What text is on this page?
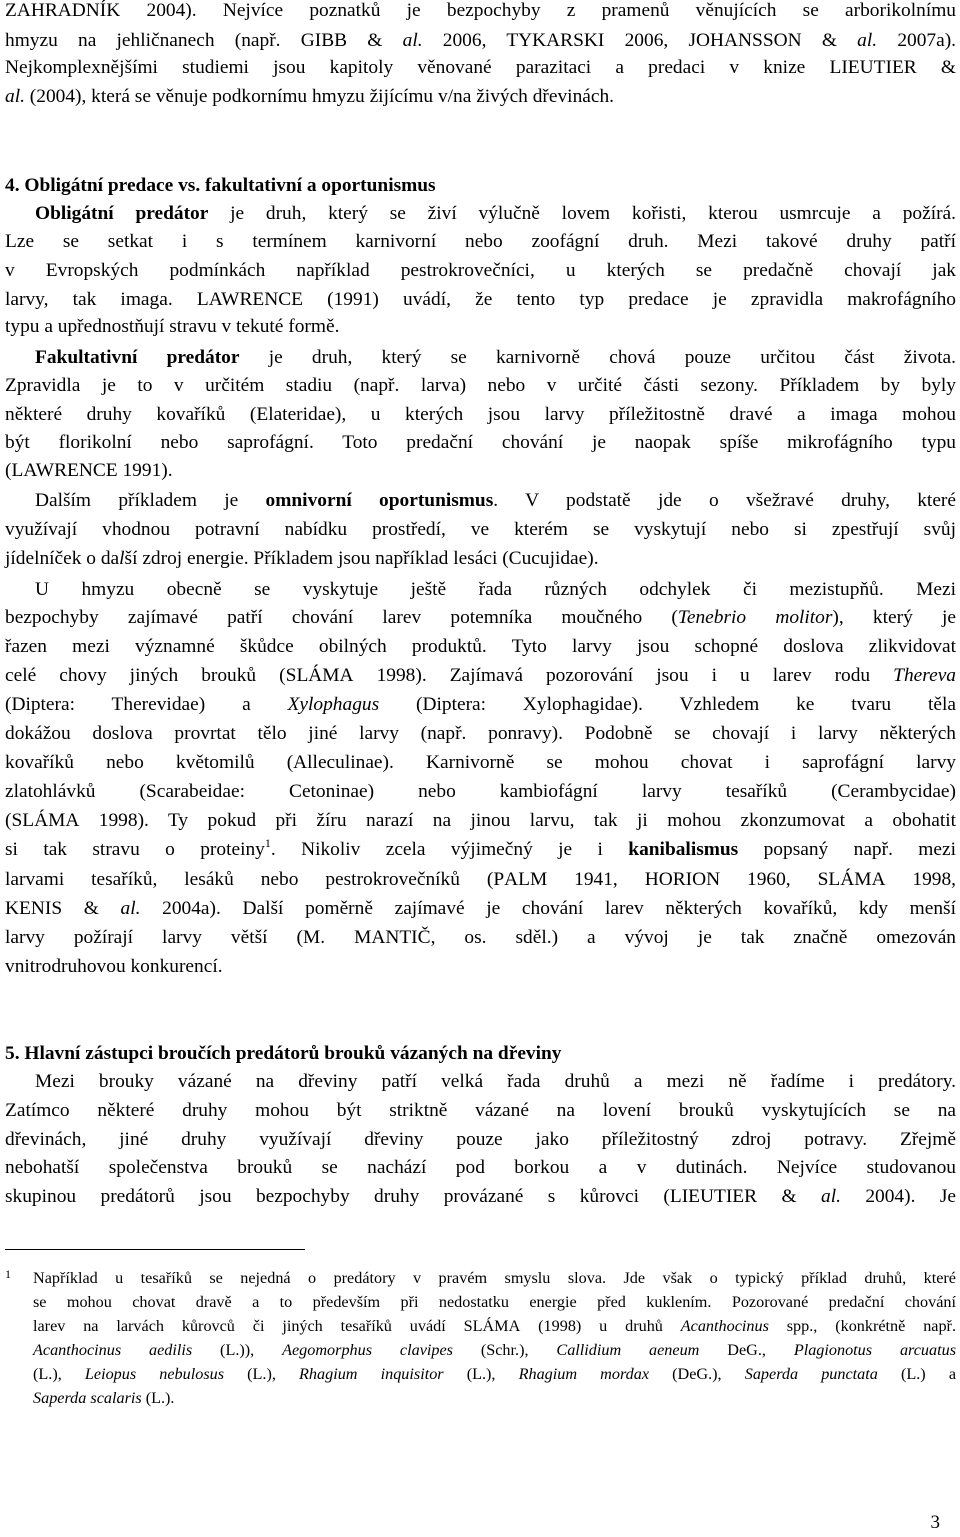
ZAHRADNÍK 2004). Nejvíce poznatků je bezpochyby z pramenů věnujících se arborikolnímu
hmyzu na jehličnanech (např. GIBB & al. 2006, TYKARSKI 2006, JOHANSSON & al. 2007a).
Nejkomplexnějšími studiemi jsou kapitoly věnované parazitaci a predaci v knize LIEUTIER &
al. (2004), která se věnuje podkornímu hmyzu žijícímu v/na živých dřevinách.
4. Obligátní predace vs. fakultativní a oportunismus
Obligátní predátor je druh, který se živí výlučně lovem kořisti, kterou usmrcuje a požírá.
Lze se setkat i s termínem karnivorní nebo zoofágní druh. Mezi takové druhy patří
v Evropských podmínkách například pestrokrovečníci, u kterých se predačně chovají jak
larvy, tak imaga. LAWRENCE (1991) uvádí, že tento typ predace je zpravidla makrofágního
typu a upřednostňují stravu v tekuté formě.
Fakultativní predátor je druh, který se karnivorně chová pouze určitou část života.
Zpravidla je to v určitém stadiu (např. larva) nebo v určité části sezony. Příkladem by byly
některé druhy kovaříků (Elateridae), u kterých jsou larvy příležitostně dravé a imaga mohou
být florikolní nebo saprofágní. Toto predační chování je naopak spíše mikrofágního typu
(LAWRENCE 1991).
Dalším příkladem je omnivorní oportunismus. V podstatě jde o všežravé druhy, které
využívají vhodnou potravní nabídku prostředí, ve kterém se vyskytují nebo si zpestřují svůj
jídelníček o další zdroj energie. Příkladem jsou například lesáci (Cucujidae).
U hmyzu obecně se vyskytuje ještě řada různých odchylek či mezistupňů. Mezi
bezpochyby zajímavé patří chování larev potemníka moučného (Tenebrio molitor), který je
řazen mezi významné škůdce obilných produktů. Tyto larvy jsou schopné doslova zlikvidovat
celé chovy jiných brouků (SLÁMA 1998). Zajímavá pozorování jsou i u larev rodu Thereva
(Diptera: Therevidae) a Xylophagus (Diptera: Xylophagidae). Vzhledem ke tvaru těla
dokážou doslova provrtat tělo jiné larvy (např. ponravy). Podobně se chovají i larvy některých
kovaříků nebo květomilů (Alleculinae). Karnivorně se mohou chovat i saprofágní larvy
zlatohlávků (Scarabeidae: Cetoninae) nebo kambiofágní larvy tesaříků (Cerambycidae)
(SLÁMA 1998). Ty pokud při žíru narazí na jinou larvu, tak ji mohou zkonzumovat a obohatit
si tak stravu o proteiny$^1$. Nikoliv zcela výjimečný je i kanibalismus popsaný např. mezi
larvami tesaříků, lesáků nebo pestrokrovečníků (PALM 1941, HORION 1960, SLÁMA 1998,
KENIS & al. 2004a). Další poměrně zajímavé je chování larev některých kovaříků, kdy menší
larvy požírají larvy větší (M. MANTIČ, os. sděl.) a vývoj je tak značně omezován
vnitrodruhovou konkurencí.
5. Hlavní zástupci broučích predátorů brouků vázaných na dřeviny
Mezi brouky vázané na dřeviny patří velká řada druhů a mezi ně řadíme i predátory.
Zatímco některé druhy mohou být striktně vázané na lovení brouků vyskytujících se na
dřevinách, jiné druhy využívají dřeviny pouze jako příležitostný zdroj potravy. Zřejmě
nebohatší společenstva brouků se nachází pod borkou a v dutinách. Nejvíce studovanou
skupinou predátorů jsou bezpochyby druhy provázané s kůrovci (LIEUTIER & al. 2004). Je
1 Například u tesaříků se nejedná o predátory v pravém smyslu slova. Jde však o typický příklad druhů, které
se mohou chovat dravě a to především při nedostatku energie před kuklením. Pozorované predační chování
larev na larvách kůrovců či jiných tesaříků uvádí SLÁMA (1998) u druhů Acanthocinus spp., (konkrétně např.
Acanthocinus aedilis (L.)), Aegomorphus clavipes (Schr.), Callidium aeneum DeG., Plagionotus arcuatus
(L.), Leiopus nebulosus (L.), Rhagium inquisitor (L.), Rhagium mordax (DeG.), Saperda punctata (L.) a
Saperda scalaris (L.).
3
